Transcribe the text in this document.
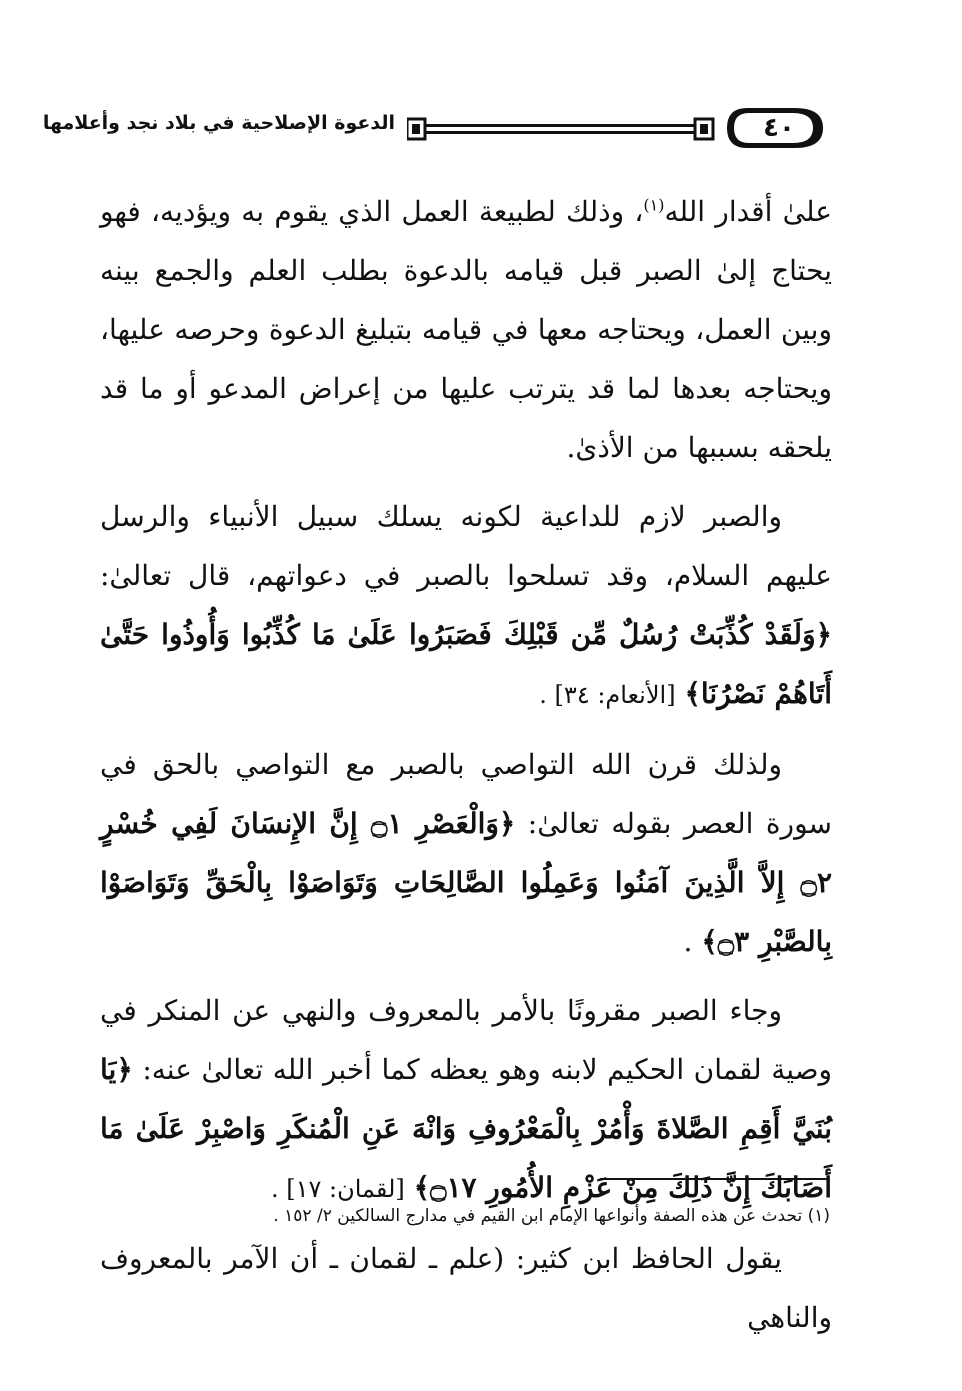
٤٠
الدعوة الإصلاحية في بلاد نجد وأعلامها

علىٰ أقدار الله$^{(١)}$، وذلك لطبيعة العمل الذي يقوم به ويؤديه، فهو يحتاج إلىٰ الصبر قبل قيامه بالدعوة بطلب العلم والجمع بينه وبين العمل، ويحتاجه معها في قيامه بتبليغ الدعوة وحرصه عليها، ويحتاجه بعدها لما قد يترتب عليها من إعراض المدعو أو ما قد يلحقه بسببها من الأذىٰ.

والصبر لازم للداعية لكونه يسلك سبيل الأنبياء والرسل عليهم السلام، وقد تسلحوا بالصبر في دعواتهم، قال تعالىٰ: ﴿وَلَقَدْ كُذِّبَتْ رُسُلٌ مِّن قَبْلِكَ فَصَبَرُوا عَلَىٰ مَا كُذِّبُوا وَأُوذُوا حَتَّىٰ أَتَاهُمْ نَصْرُنَا﴾ [الأنعام: ٣٤] .

ولذلك قرن الله التواصي بالصبر مع التواصي بالحق في سورة العصر بقوله تعالىٰ: ﴿وَالْعَصْرِ ۝١ إِنَّ الإِنسَانَ لَفِي خُسْرٍ ۝٢ إِلاَّ الَّذِينَ آمَنُوا وَعَمِلُوا الصَّالِحَاتِ وَتَوَاصَوْا بِالْحَقِّ وَتَوَاصَوْا بِالصَّبْرِ ۝٣﴾ .

وجاء الصبر مقرونًا بالأمر بالمعروف والنهي عن المنكر في وصية لقمان الحكيم لابنه وهو يعظه كما أخبر الله تعالىٰ عنه: ﴿يَا بُنَيَّ أَقِمِ الصَّلاةَ وَأْمُرْ بِالْمَعْرُوفِ وَانْهَ عَنِ الْمُنكَرِ وَاصْبِرْ عَلَىٰ مَا أَصَابَكَ إِنَّ ذَلِكَ مِنْ عَزْمِ الأُمُورِ ۝١٧﴾ [لقمان: ١٧] .

يقول الحافظ ابن كثير: (علم ـ لقمان ـ أن الآمر بالمعروف والناهي

(١) تحدث عن هذه الصفة وأنواعها الإمام ابن القيم في مدارج السالكين ٢/ ١٥٢ .
